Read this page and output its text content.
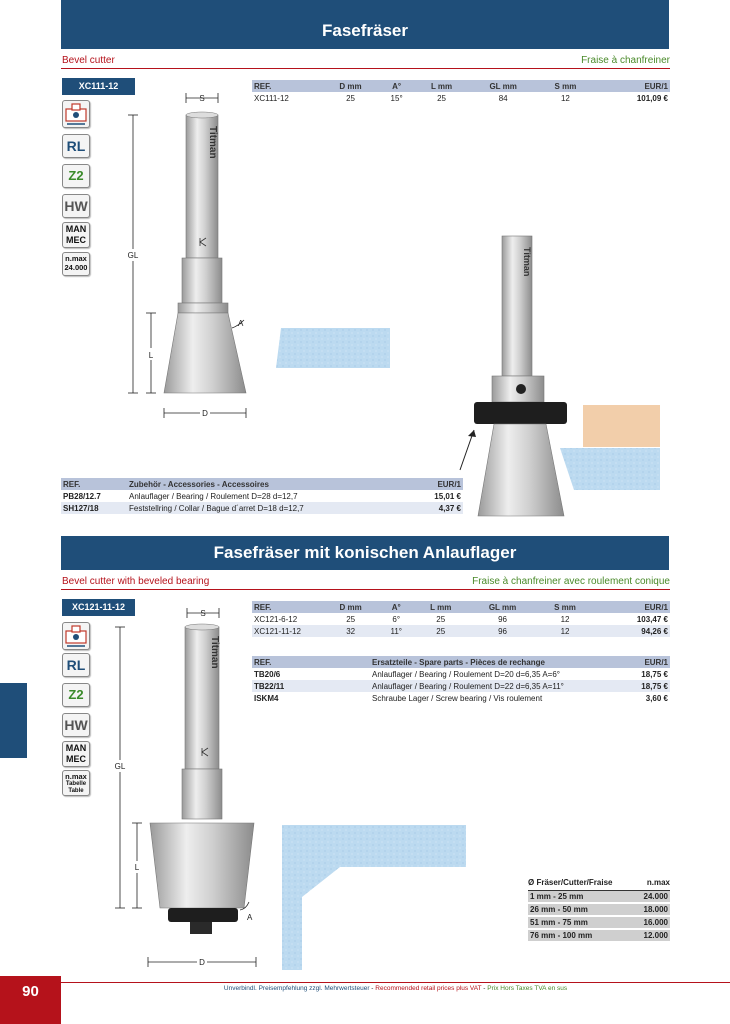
Fasefräser
Bevel cutter	Fraise à chanfreiner
XC111-12
RL
Z2
HW
MAN
MEC
n.max
24.000
REF.	D mm	A°	L mm	GL mm	S mm	EUR/1
XC111-12	25	15°	25	84	12	101,09 €
S
Titman
GL
L
A
D
Titman
REF.	Zubehör - Accessories - Accessoires	EUR/1
PB28/12.7	Anlauflager / Bearing / Roulement D=28 d=12,7	15,01 €
SH127/18	Feststellring / Collar / Bague d´arret D=18 d=12,7	4,37 €
Fasefräser mit konischen Anlauflager
Bevel cutter with beveled bearing	Fraise à chanfreiner avec roulement conique
XC121-11-12
RL
Z2
HW
MAN
MEC
n.max
Tabelle
Table
REF.	D mm	A°	L mm	GL mm	S mm	EUR/1
XC121-6-12	25	6°	25	96	12	103,47 €
XC121-11-12	32	11°	25	96	12	94,26 €
REF.	Ersatzteile - Spare parts - Pièces de rechange	EUR/1
TB20/6	Anlauflager / Bearing / Roulement D=20 d=6,35 A=6°	18,75 €
TB22/11	Anlauflager / Bearing / Roulement D=22 d=6,35 A=11°	18,75 €
ISKM4	Schraube Lager / Screw bearing / Vis roulement	3,60 €
S
Titman
GL
L
A
D
Ø Fräser/Cutter/Fraise	n.max
1 mm - 25 mm	24.000
26 mm - 50 mm	18.000
51 mm - 75 mm	16.000
76 mm - 100 mm	12.000
90	Unverbindl. Preisempfehlung zzgl. Mehrwertsteuer - Recommended retail prices plus VAT - Prix Hors Taxes TVA en sus
